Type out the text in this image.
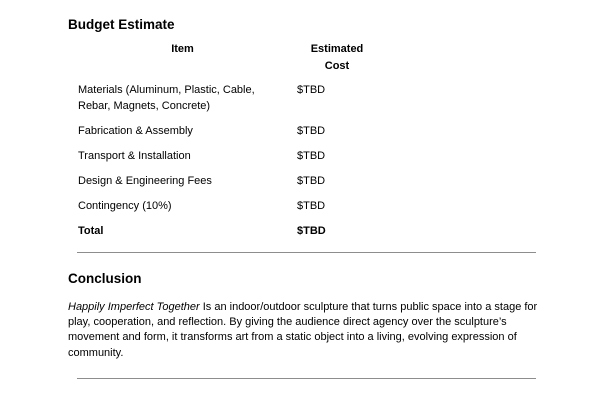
Budget Estimate
Item	Estimated Cost
Materials (Aluminum, Plastic, Cable, Rebar, Magnets, Concrete)	$TBD
Fabrication & Assembly	$TBD
Transport & Installation	$TBD
Design & Engineering Fees	$TBD
Contingency (10%)	$TBD
Total	$TBD
Conclusion

Happily Imperfect Together Is an indoor/outdoor sculpture that turns public space into a stage for play, cooperation, and reflection. By giving the audience direct agency over the sculpture’s movement and form, it transforms art from a static object into a living, evolving expression of community.
